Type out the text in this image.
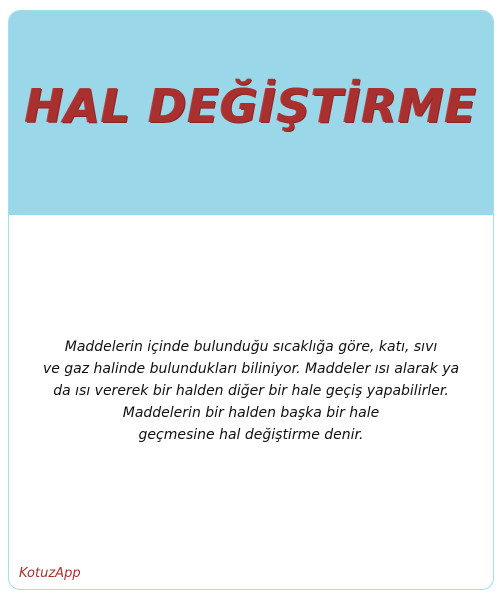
HAL DEĞİŞTİRME
Maddelerin içinde bulunduğu sıcaklığa göre, katı, sıvı
ve gaz halinde bulundukları biliniyor. Maddeler ısı alarak ya
da ısı vererek bir halden diğer bir hale geçiş yapabilirler.
Maddelerin bir halden başka bir hale
geçmesine hal değiştirme denir.
KotuzApp
